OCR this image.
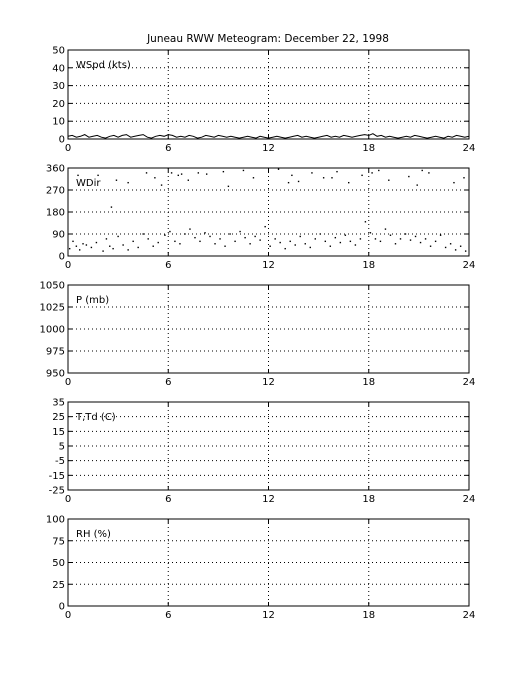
Juneau RWW Meteogram: December 22, 1998
0	6	12	18	24
0
10
20
30
40
50
WSpd (kts)
0	6	12	18	24
0
90
180
270
360
WDir
0	6	12	18	24
950
975
1000
1025
1050
P (mb)
0	6	12	18	24
-25
-15
-5
5
15
25
35
T,Td (C)
0	6	12	18	24
0
25
50
75
100
RH (%)
